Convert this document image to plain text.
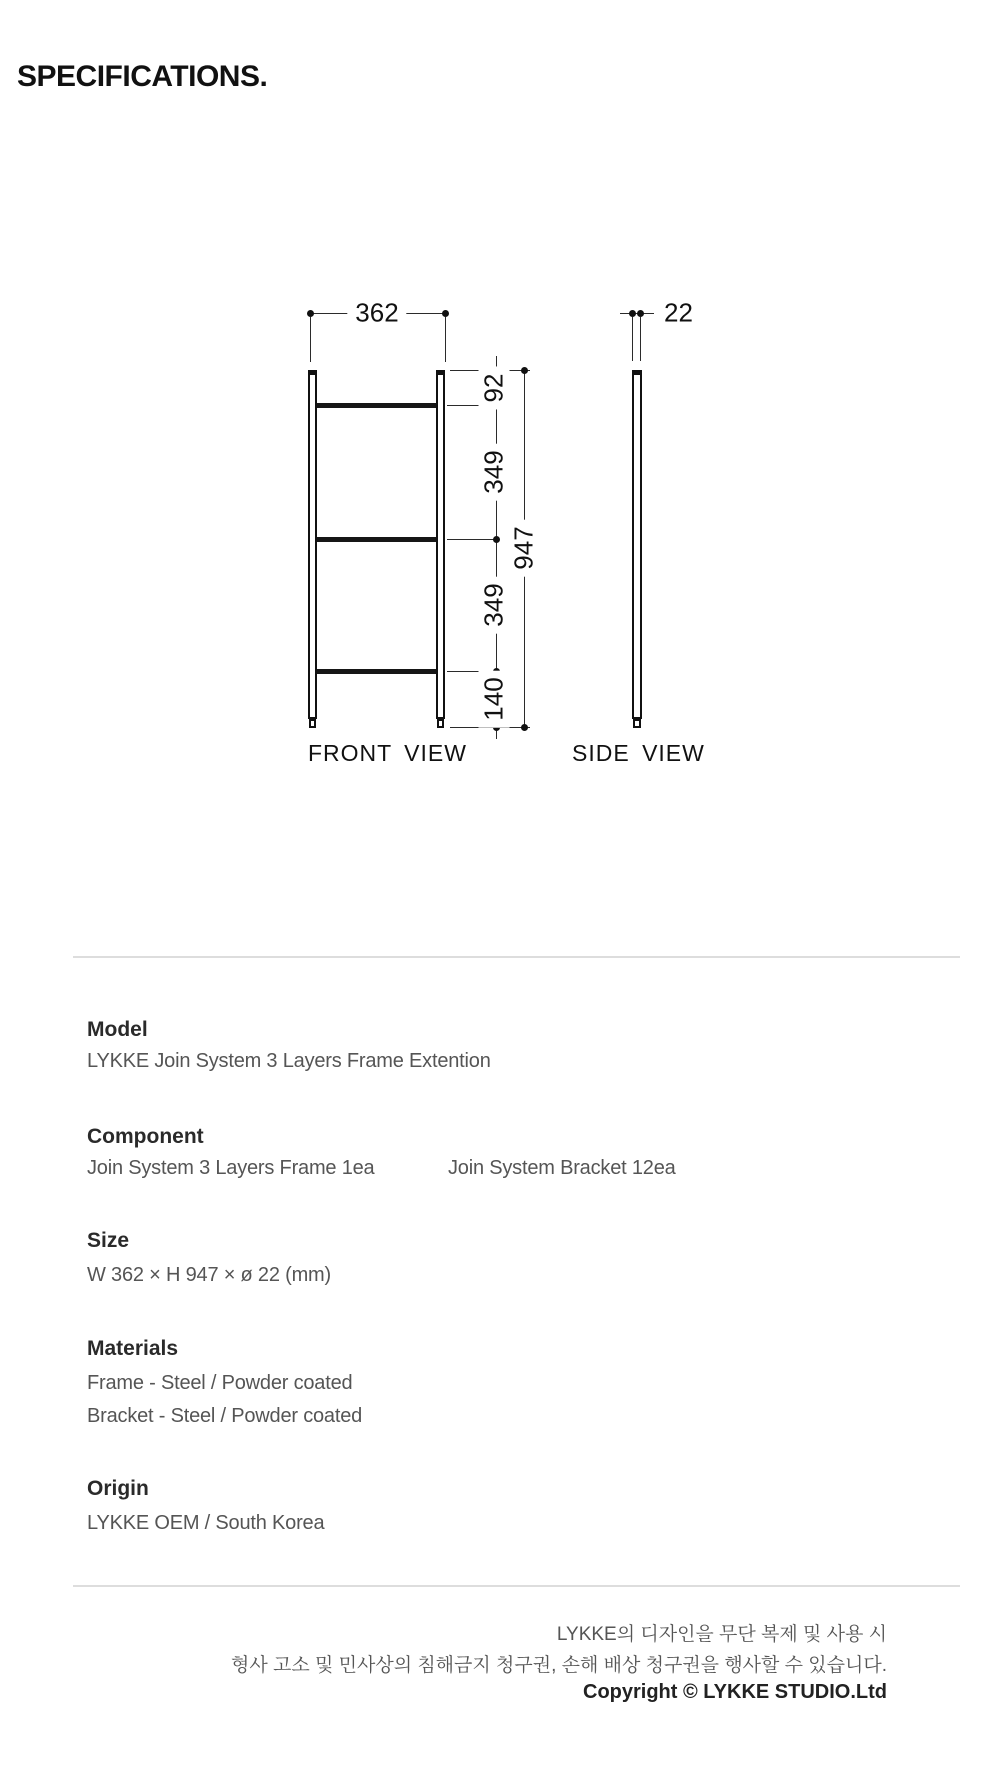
SPECIFICATIONS.
362
92
349
349
140
947
FRONT VIEW
22
SIDE VIEW
Model
LYKKE Join System 3 Layers Frame Extention
Component
Join System 3 Layers Frame 1ea	Join System Bracket 12ea
Size
W 362 × H 947 × ø 22 (mm)
Materials
Frame - Steel / Powder coated
Bracket - Steel / Powder coated
Origin
LYKKE OEM / South Korea
LYKKE의 디자인을 무단 복제 및 사용 시
형사 고소 및 민사상의 침해금지 청구권, 손해 배상 청구권을 행사할 수 있습니다.
Copyright © LYKKE STUDIO.Ltd
